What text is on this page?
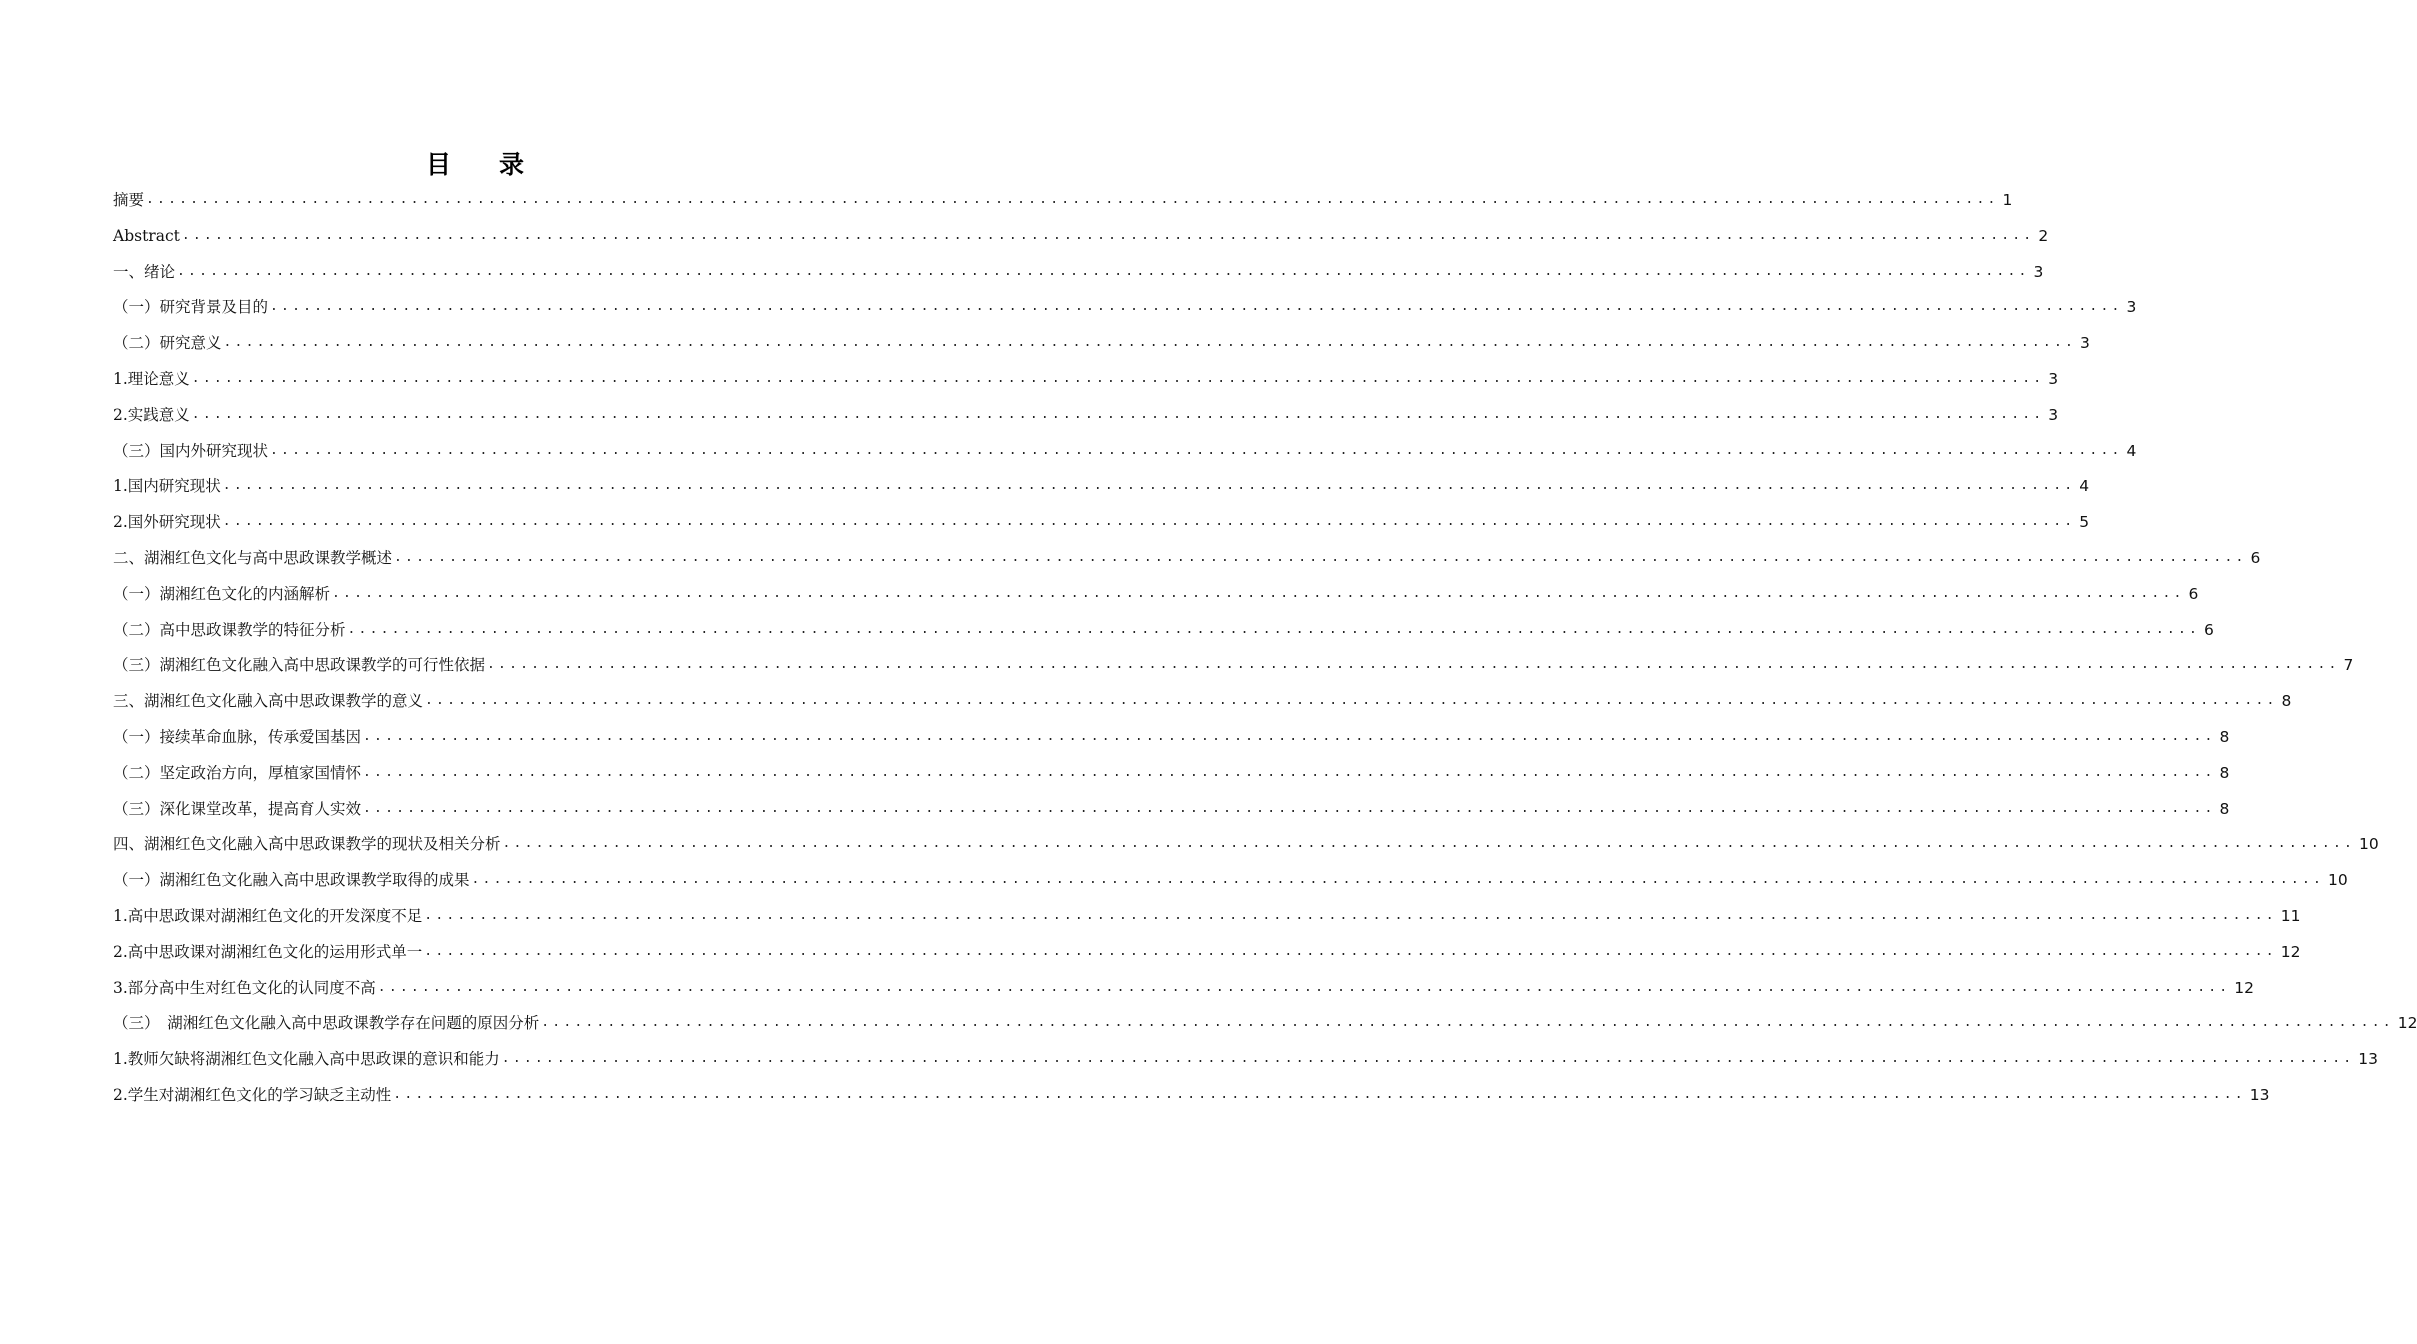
目 录
摘要 ........................................................................................................................................................................ 1
Abstract ........................................................................................................................................................................ 2
一、绪论 ........................................................................................................................................................................ 3
（一）研究背景及目的 ........................................................................................................................................................................ 3
（二）研究意义 ........................................................................................................................................................................ 3
1.理论意义 ........................................................................................................................................................................ 3
2.实践意义 ........................................................................................................................................................................ 3
（三）国内外研究现状 ........................................................................................................................................................................ 4
1.国内研究现状 ........................................................................................................................................................................ 4
2.国外研究现状 ........................................................................................................................................................................ 5
二、湖湘红色文化与高中思政课教学概述 ........................................................................................................................................................................ 6
（一）湖湘红色文化的内涵解析 ........................................................................................................................................................................ 6
（二）高中思政课教学的特征分析 ........................................................................................................................................................................ 6
（三）湖湘红色文化融入高中思政课教学的可行性依据 ........................................................................................................................................................................ 7
三、湖湘红色文化融入高中思政课教学的意义 ........................................................................................................................................................................ 8
（一）接续革命血脉，传承爱国基因 ........................................................................................................................................................................ 8
（二）坚定政治方向，厚植家国情怀 ........................................................................................................................................................................ 8
（三）深化课堂改革，提高育人实效 ........................................................................................................................................................................ 8
四、湖湘红色文化融入高中思政课教学的现状及相关分析 ........................................................................................................................................................................ 10
（一）湖湘红色文化融入高中思政课教学取得的成果 ........................................................................................................................................................................ 10
1.高中思政课对湖湘红色文化的开发深度不足 ........................................................................................................................................................................ 11
2.高中思政课对湖湘红色文化的运用形式单一 ........................................................................................................................................................................ 12
3.部分高中生对红色文化的认同度不高 ........................................................................................................................................................................ 12
（三）　湖湘红色文化融入高中思政课教学存在问题的原因分析 ........................................................................................................................................................................ 12
1.教师欠缺将湖湘红色文化融入高中思政课的意识和能力 ........................................................................................................................................................................ 13
2.学生对湖湘红色文化的学习缺乏主动性 ........................................................................................................................................................................ 13
